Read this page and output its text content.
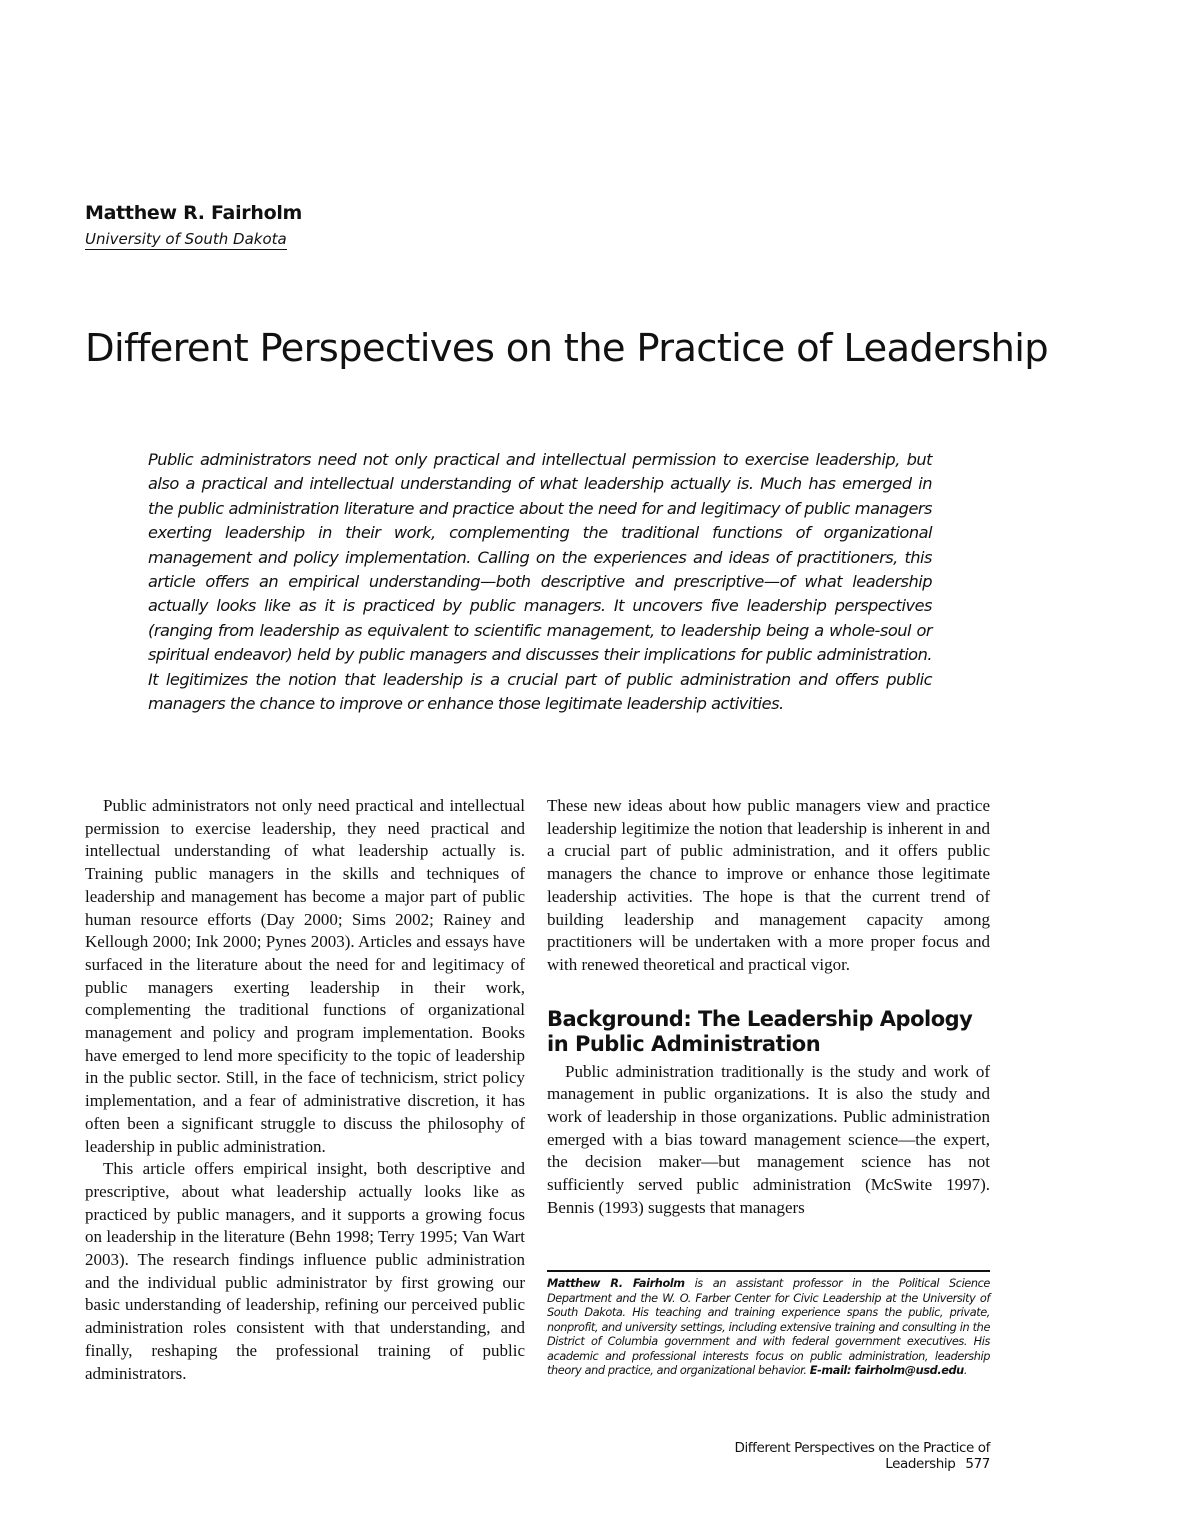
Matthew R. Fairholm
University of South Dakota
Different Perspectives on the Practice of Leadership

Public administrators need not only practical and intellectual permission to exercise leadership, but also a practical and intellectual understanding of what leadership actually is. Much has emerged in the public administration literature and practice about the need for and legitimacy of public managers exerting leadership in their work, complementing the traditional functions of organizational management and policy implementation. Calling on the experiences and ideas of practitioners, this article offers an empirical understanding—both descriptive and prescriptive—of what leadership actually looks like as it is practiced by public managers. It uncovers five leadership perspectives (ranging from leadership as equivalent to scientific management, to leadership being a whole-soul or spiritual endeavor) held by public managers and discusses their implications for public administration. It legitimizes the notion that leadership is a crucial part of public administration and offers public managers the chance to improve or enhance those legitimate leadership activities.

Public administrators not only need practical and intellectual permission to exercise leadership, they need practical and intellectual understanding of what leadership actually is. Training public managers in the skills and techniques of leadership and management has become a major part of public human resource efforts (Day 2000; Sims 2002; Rainey and Kellough 2000; Ink 2000; Pynes 2003). Articles and essays have surfaced in the literature about the need for and legitimacy of public managers exerting leadership in their work, complementing the traditional functions of organizational management and policy and program implementation. Books have emerged to lend more specificity to the topic of leadership in the public sector. Still, in the face of technicism, strict policy implementation, and a fear of administrative discretion, it has often been a significant struggle to discuss the philosophy of leadership in public administration.

This article offers empirical insight, both descriptive and prescriptive, about what leadership actually looks like as practiced by public managers, and it supports a growing focus on leadership in the literature (Behn 1998; Terry 1995; Van Wart 2003). The research findings influence public administration and the individual public administrator by first growing our basic understanding of leadership, refining our perceived public administration roles consistent with that understanding, and finally, reshaping the professional training of public administrators.

These new ideas about how public managers view and practice leadership legitimize the notion that leadership is inherent in and a crucial part of public administration, and it offers public managers the chance to improve or enhance those legitimate leadership activities. The hope is that the current trend of building leadership and management capacity among practitioners will be undertaken with a more proper focus and with renewed theoretical and practical vigor.

Background: The Leadership Apology in Public Administration

Public administration traditionally is the study and work of management in public organizations. It is also the study and work of leadership in those organizations. Public administration emerged with a bias toward management science—the expert, the decision maker—but management science has not sufficiently served public administration (McSwite 1997). Bennis (1993) suggests that managers

Matthew R. Fairholm is an assistant professor in the Political Science Department and the W. O. Farber Center for Civic Leadership at the University of South Dakota. His teaching and training experience spans the public, private, nonprofit, and university settings, including extensive training and consulting in the District of Columbia government and with federal government executives. His academic and professional interests focus on public administration, leadership theory and practice, and organizational behavior. E-mail: fairholm@usd.edu.

Different Perspectives on the Practice of Leadership 577
